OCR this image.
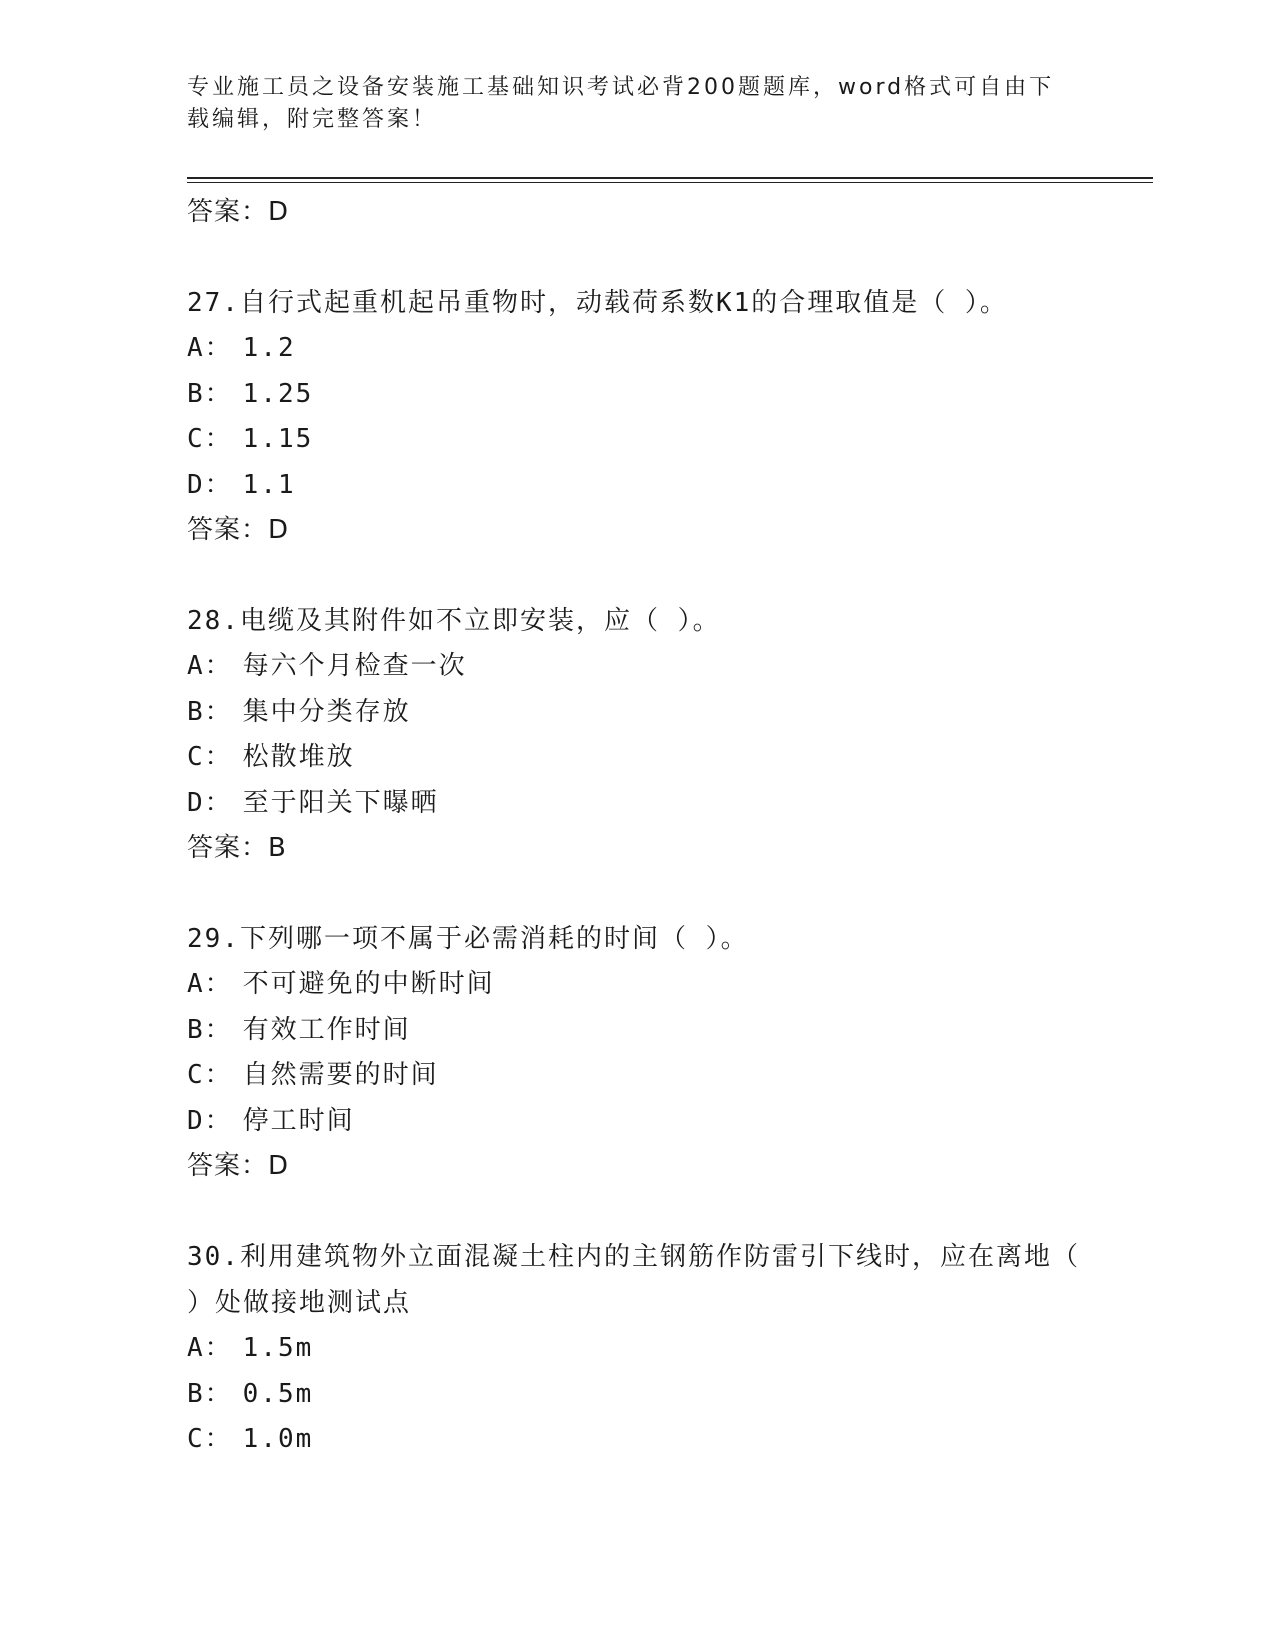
专业施工员之设备安装施工基础知识考试必背200题题库，word格式可自由下载编辑，附完整答案！
答案：D
27.自行式起重机起吊重物时，动载荷系数K1的合理取值是（ ）。
A： 1.2
B： 1.25
C： 1.15
D： 1.1
答案：D
28.电缆及其附件如不立即安装，应（ ）。
A： 每六个月检查一次
B： 集中分类存放
C： 松散堆放
D： 至于阳关下曝晒
答案：B
29.下列哪一项不属于必需消耗的时间（ ）。
A： 不可避免的中断时间
B： 有效工作时间
C： 自然需要的时间
D： 停工时间
答案：D
30.利用建筑物外立面混凝土柱内的主钢筋作防雷引下线时，应在离地（ ）处做接地测试点
A： 1.5m
B： 0.5m
C： 1.0m
